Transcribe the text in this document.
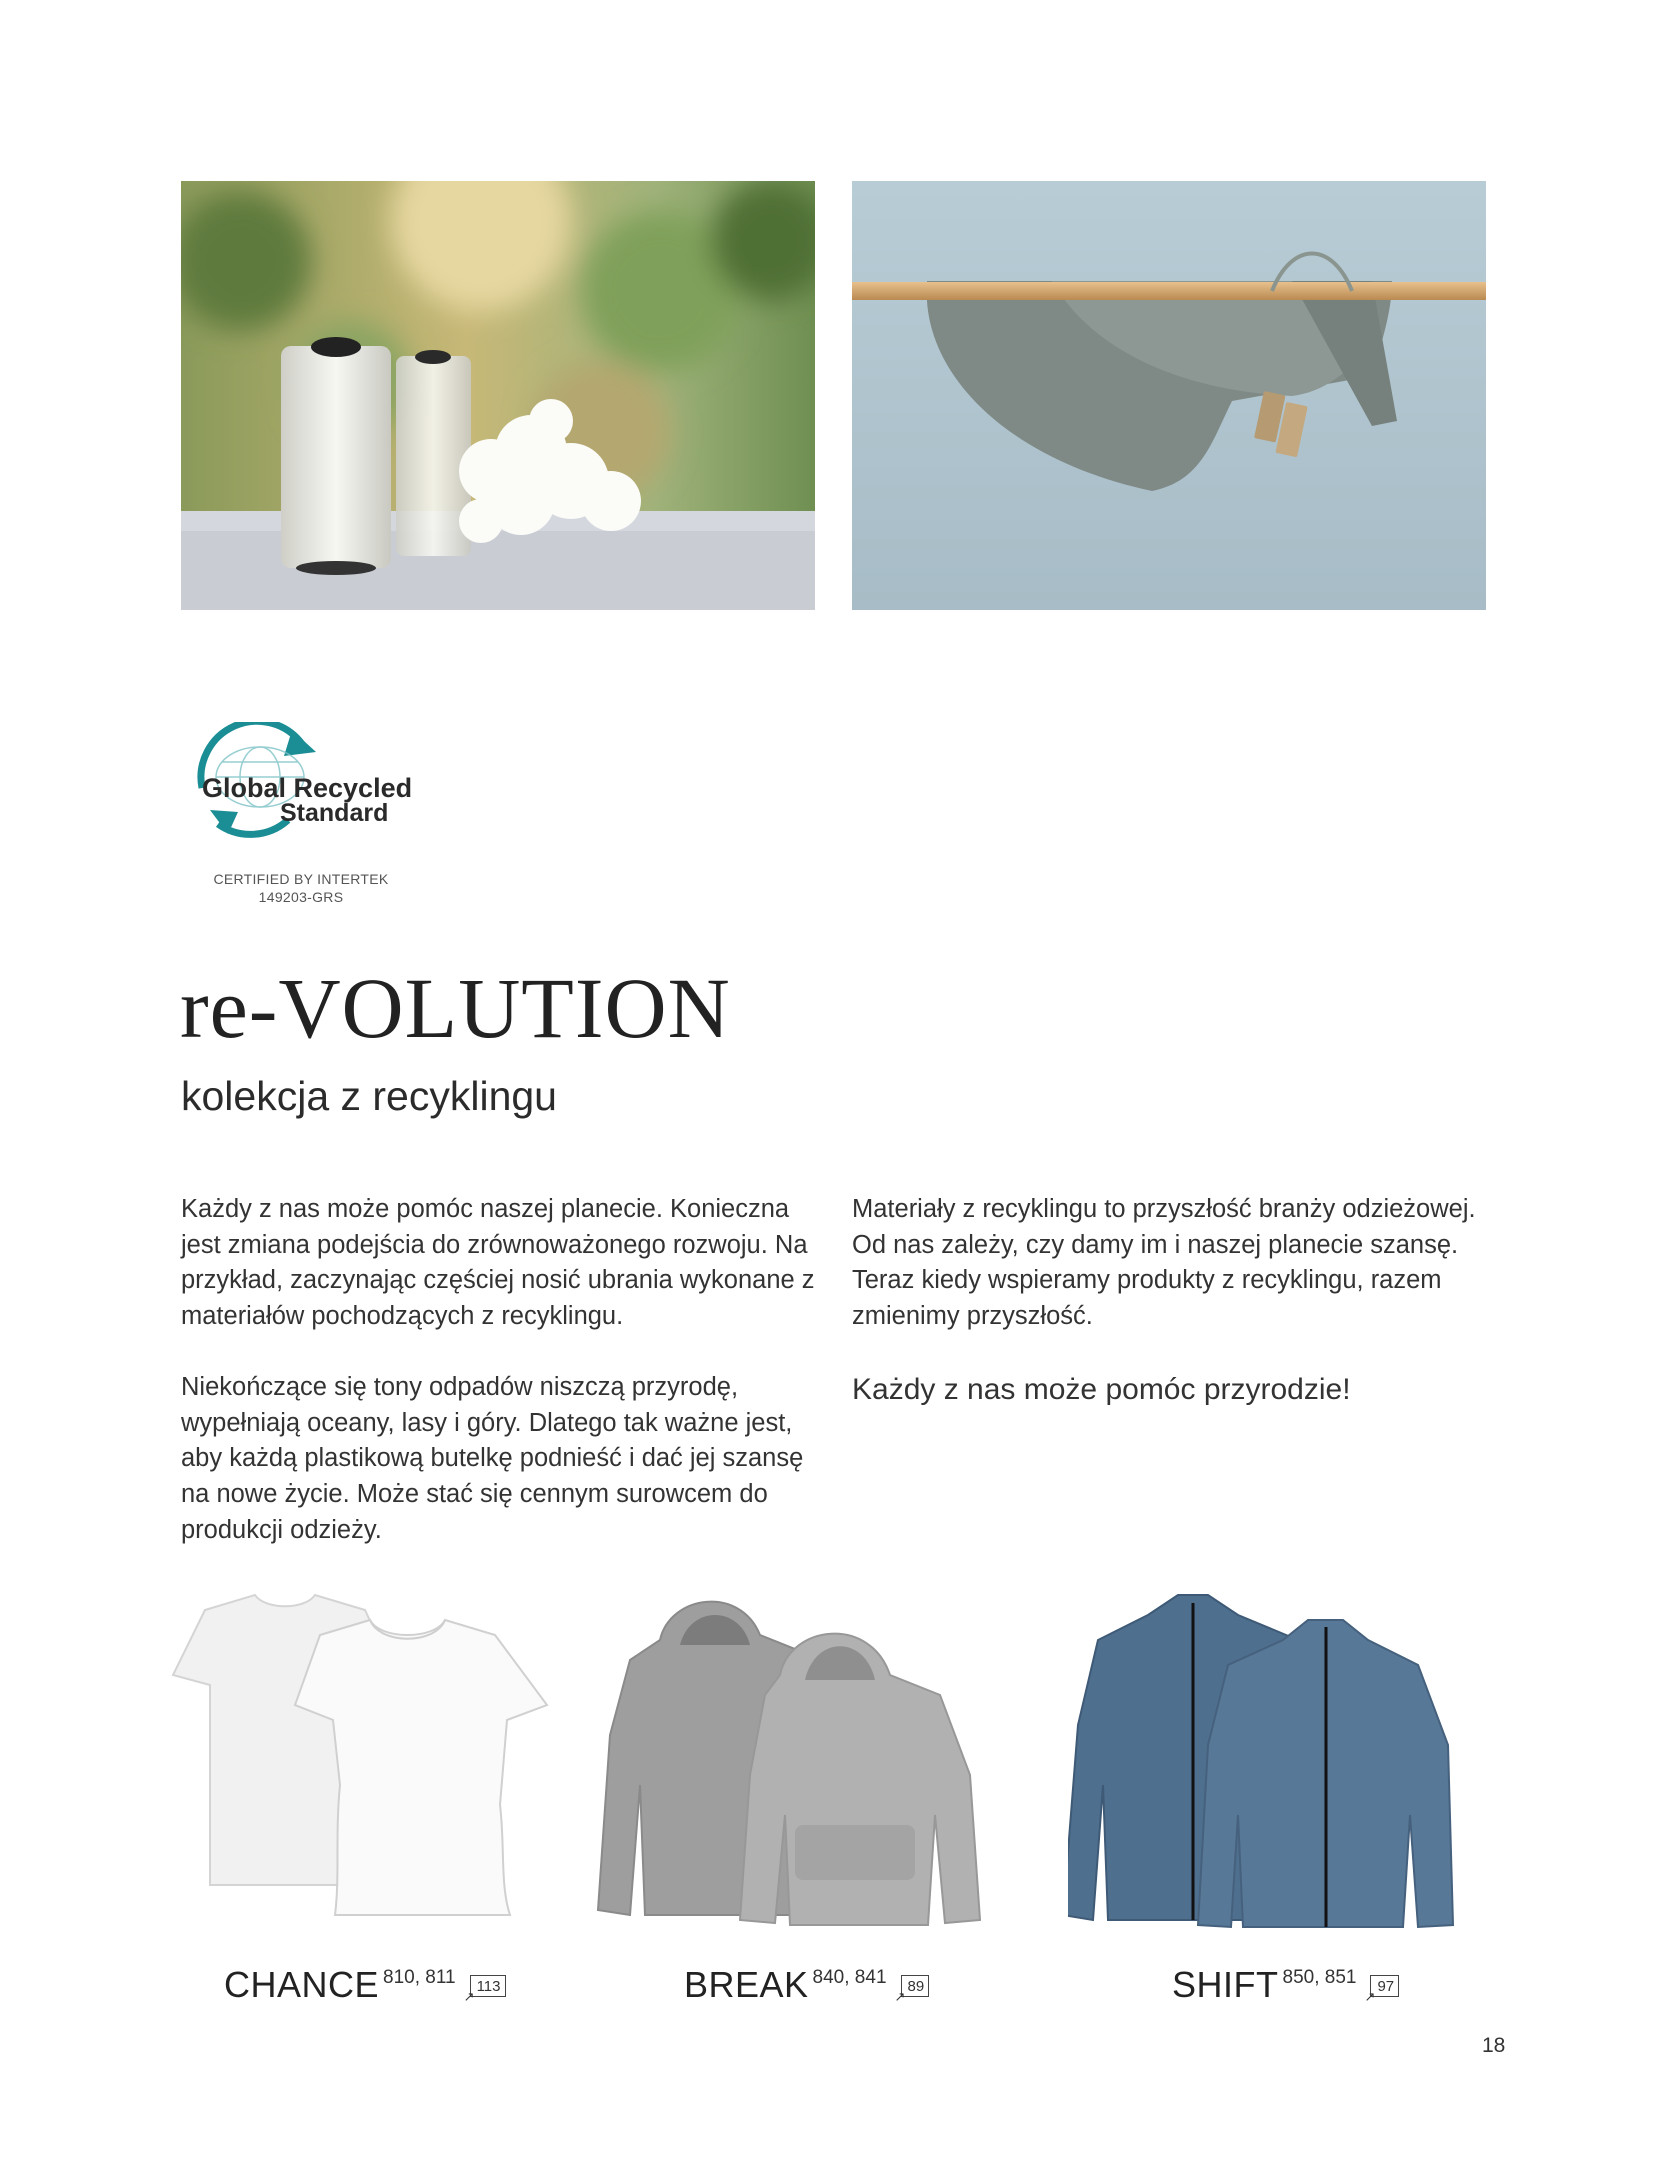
Global Recycled
Standard
CERTIFIED BY INTERTEK
149203-GRS
re-VOLUTION
kolekcja z recyklingu

Każdy z nas może pomóc naszej planecie. Konieczna jest zmiana podejścia do zrównoważonego rozwoju. Na przykład, zaczynając częściej nosić ubrania wykonane z materiałów pochodzących z recyklingu.

Niekończące się tony odpadów niszczą przyrodę, wypełniają oceany, lasy i góry. Dlatego tak ważne jest, aby każdą plastikową butelkę podnieść i dać jej szansę na nowe życie. Może stać się cennym surowcem do produkcji odzieży.

Materiały z recyklingu to przyszłość branży odzieżowej. Od nas zależy, czy damy im i naszej planecie szansę. Teraz kiedy wspieramy produkty z recyklingu, razem zmienimy przyszłość.

Każdy z nas może pomóc przyrodzie!

CHANCE 810, 811
↗
113	BREAK 840, 841
↗
89	SHIFT 850, 851
↗
97
18
